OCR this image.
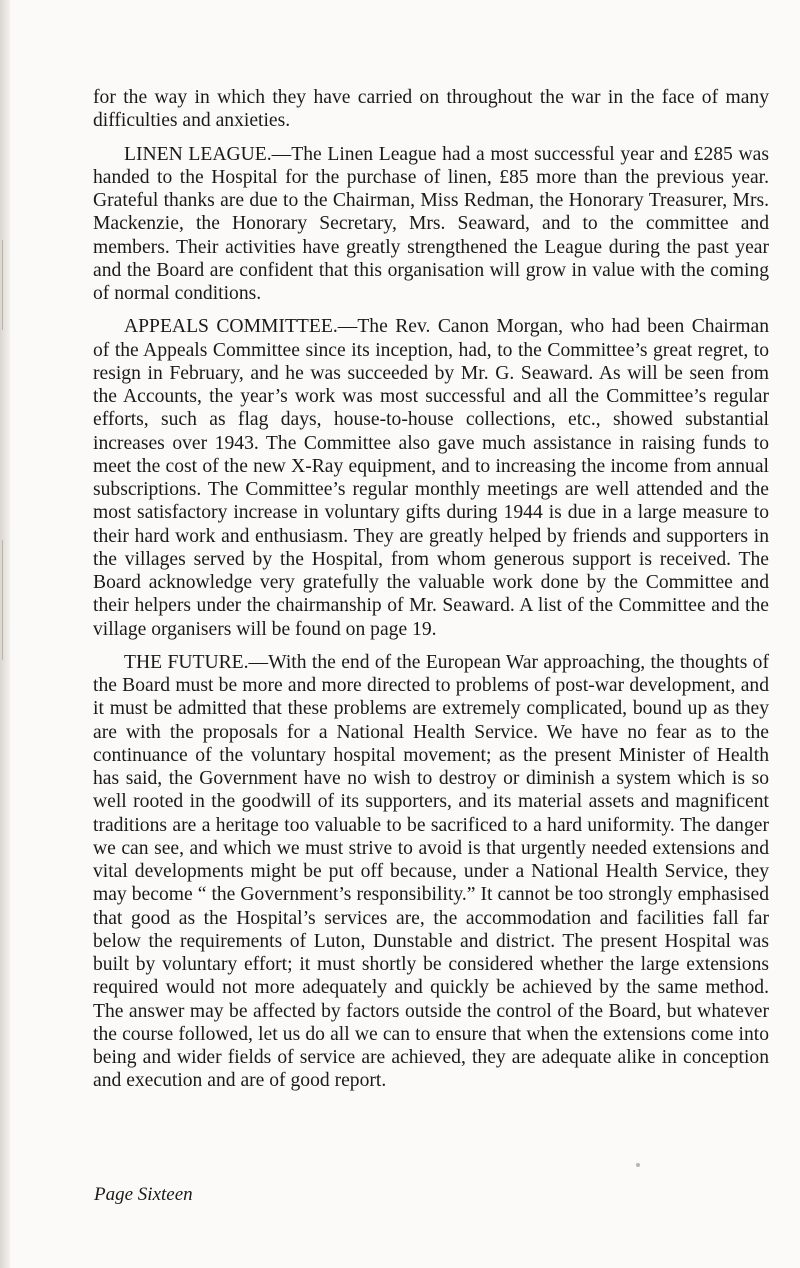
for the way in which they have carried on throughout the war in the face of many difficulties and anxieties.

LINEN LEAGUE.—The Linen League had a most successful year and £285 was handed to the Hospital for the purchase of linen, £85 more than the previous year. Grateful thanks are due to the Chairman, Miss Redman, the Honorary Treasurer, Mrs. Mackenzie, the Honorary Secretary, Mrs. Seaward, and to the committee and members. Their activities have greatly strengthened the League during the past year and the Board are confident that this organisation will grow in value with the coming of normal conditions.

APPEALS COMMITTEE.—The Rev. Canon Morgan, who had been Chairman of the Appeals Committee since its inception, had, to the Committee’s great regret, to resign in February, and he was succeeded by Mr. G. Seaward. As will be seen from the Accounts, the year’s work was most successful and all the Committee’s regular efforts, such as flag days, house-to-house collections, etc., showed substantial increases over 1943. The Committee also gave much assistance in raising funds to meet the cost of the new X-Ray equipment, and to increasing the income from annual subscriptions. The Committee’s regular monthly meetings are well attended and the most satisfactory increase in voluntary gifts during 1944 is due in a large measure to their hard work and enthusiasm. They are greatly helped by friends and supporters in the villages served by the Hospital, from whom generous support is received. The Board acknowledge very gratefully the valuable work done by the Committee and their helpers under the chairmanship of Mr. Seaward. A list of the Committee and the village organisers will be found on page 19.

THE FUTURE.—With the end of the European War approaching, the thoughts of the Board must be more and more directed to problems of post-war development, and it must be admitted that these problems are extremely complicated, bound up as they are with the proposals for a National Health Service. We have no fear as to the continuance of the voluntary hospital movement; as the present Minister of Health has said, the Government have no wish to destroy or diminish a system which is so well rooted in the goodwill of its supporters, and its material assets and magnificent traditions are a heritage too valuable to be sacrificed to a hard uniformity. The danger we can see, and which we must strive to avoid is that urgently needed extensions and vital developments might be put off because, under a National Health Service, they may become “ the Government’s responsibility.” It cannot be too strongly emphasised that good as the Hospital’s services are, the accommodation and facilities fall far below the requirements of Luton, Dunstable and district. The present Hospital was built by voluntary effort; it must shortly be considered whether the large extensions required would not more adequately and quickly be achieved by the same method. The answer may be affected by factors outside the control of the Board, but whatever the course followed, let us do all we can to ensure that when the extensions come into being and wider fields of service are achieved, they are adequate alike in conception and execution and are of good report.

Page Sixteen
